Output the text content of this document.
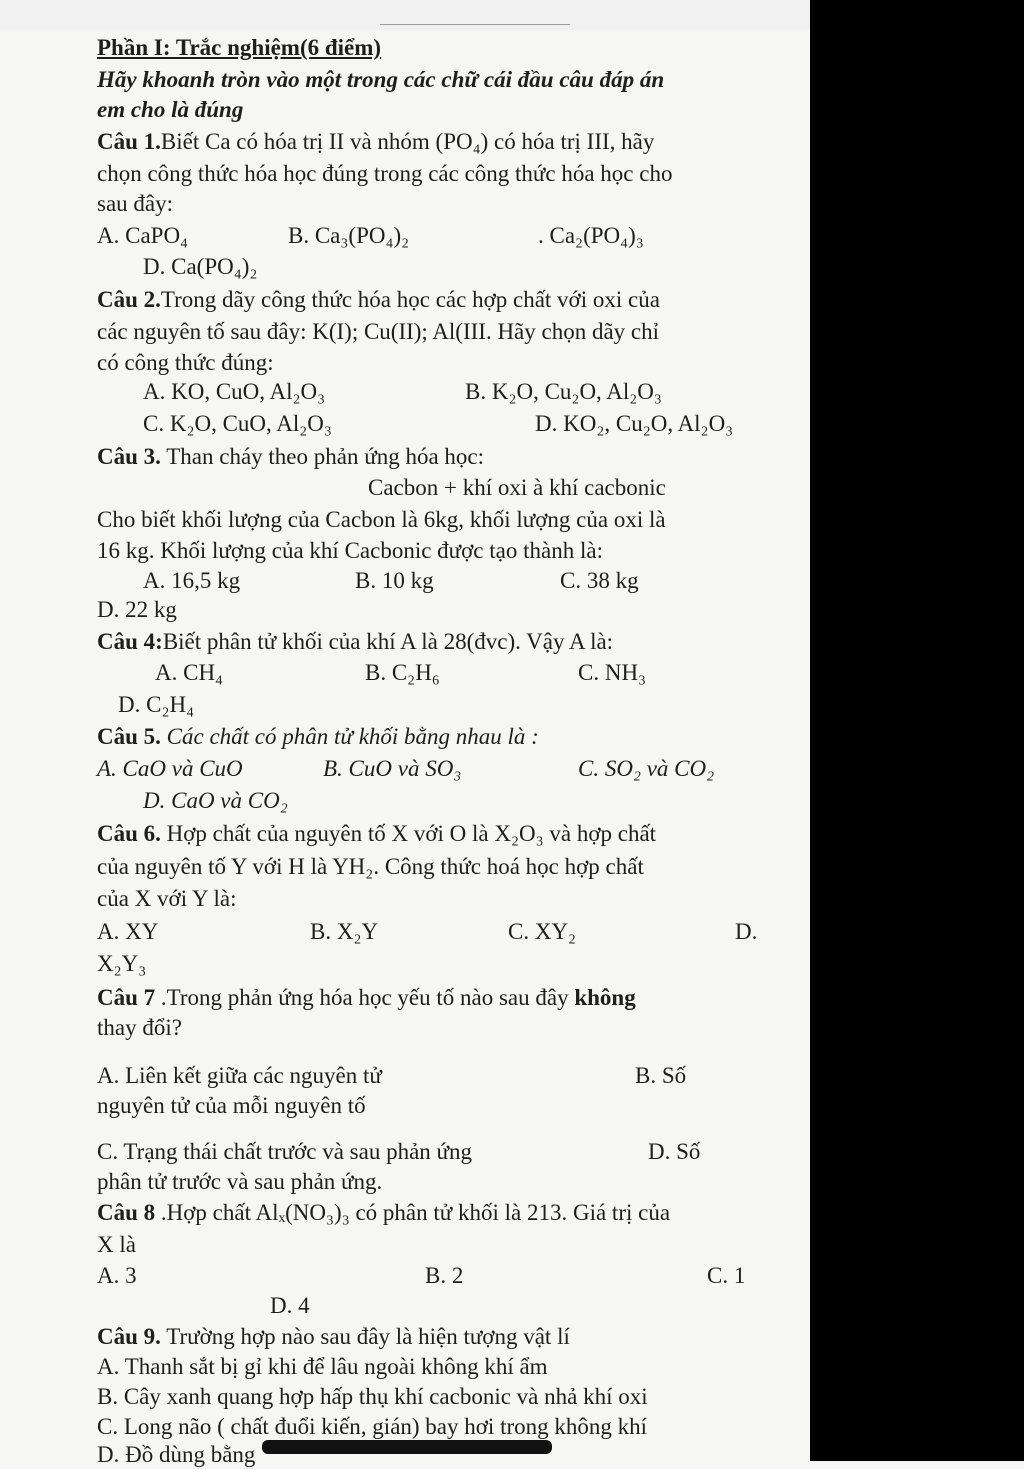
Phần I: Trắc nghiệm(6 điểm)
Hãy khoanh tròn vào một trong các chữ cái đầu câu đáp án
em cho là đúng
Câu 1.Biết Ca có hóa trị II và nhóm (PO₄) có hóa trị III, hãy
chọn công thức hóa học đúng trong các công thức hóa học cho
sau đây:
A. CaPO₄	B. Ca₃(PO₄)₂	. Ca₂(PO₄)₃
D. Ca(PO₄)₂
Câu 2.Trong dãy công thức hóa học các hợp chất với oxi của
các nguyên tố sau đây: K(I); Cu(II); Al(III. Hãy chọn dãy chỉ
có công thức đúng:
A. KO, CuO, Al₂O₃	B. K₂O, Cu₂O, Al₂O₃
C. K₂O, CuO, Al₂O₃	D. KO₂, Cu₂O, Al₂O₃
Câu 3. Than cháy theo phản ứng hóa học:
Cacbon + khí oxi à khí cacbonic
Cho biết khối lượng của Cacbon là 6kg, khối lượng của oxi là
16 kg. Khối lượng của khí Cacbonic được tạo thành là:
A. 16,5 kg	B. 10 kg	C. 38 kg
D. 22 kg
Câu 4:Biết phân tử khối của khí A là 28(đvc). Vậy A là:
A. CH₄	B. C₂H₆	C. NH₃
D. C₂H₄
Câu 5. Các chất có phân tử khối bằng nhau là :
A. CaO và CuO	B. CuO và SO₃	C. SO₂ và CO₂
D. CaO và CO₂
Câu 6. Hợp chất của nguyên tố X với O là X₂O₃ và hợp chất
của nguyên tố Y với H là YH₂. Công thức hoá học hợp chất
của X với Y là:
A. XY	B. X₂Y	C. XY₂	D.
X₂Y₃
Câu 7 .Trong phản ứng hóa học yếu tố nào sau đây không
thay đổi?
A. Liên kết giữa các nguyên tử	B. Số
nguyên tử của mỗi nguyên tố
C. Trạng thái chất trước và sau phản ứng	D. Số
phân tử trước và sau phản ứng.
Câu 8 .Hợp chất Alₓ(NO₃)₃ có phân tử khối là 213. Giá trị của
X là
A. 3	B. 2	C. 1
D. 4
Câu 9. Trường hợp nào sau đây là hiện tượng vật lí
A. Thanh sắt bị gỉ khi để lâu ngoài không khí ẩm
B. Cây xanh quang hợp hấp thụ khí cacbonic và nhả khí oxi
C. Long não ( chất đuổi kiến, gián) bay hơi trong không khí
D. Đồ dùng bằng
